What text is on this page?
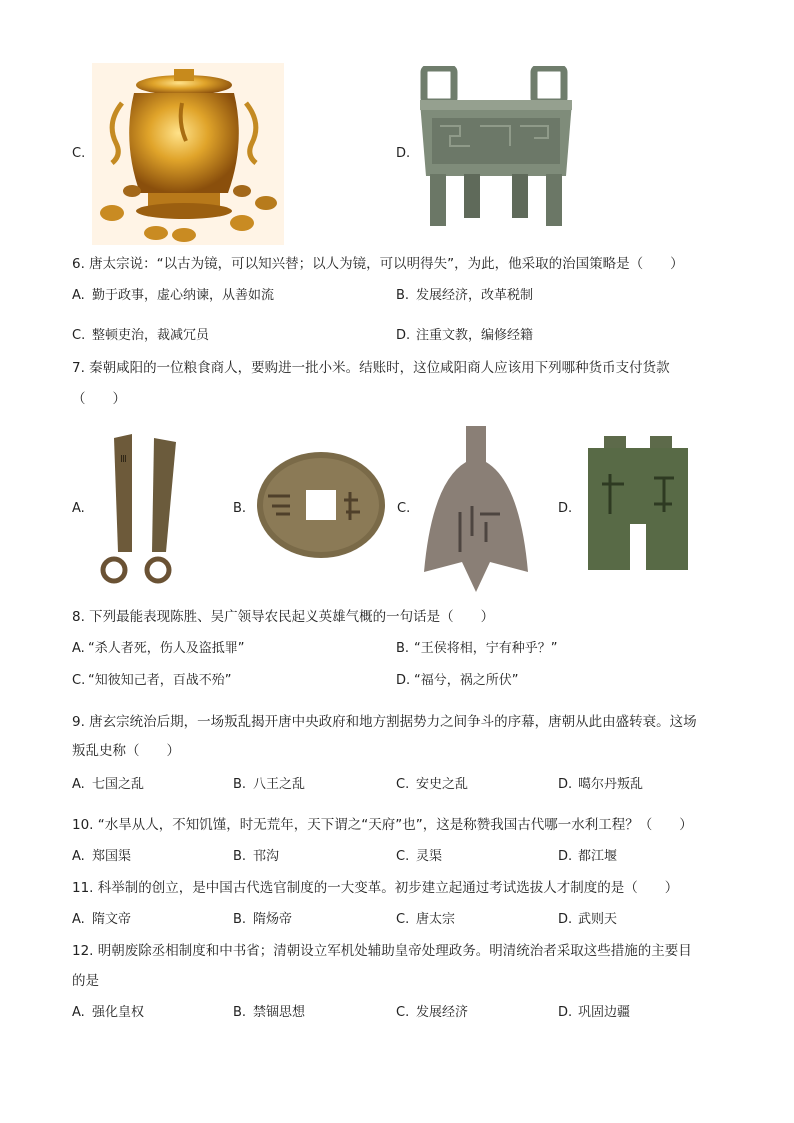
C.	D.
6. 唐太宗说：“以古为镜，可以知兴替；以人为镜，可以明得失”，为此，他采取的治国策略是（　　）
A. 勤于政事，虚心纳谏，从善如流	B. 发展经济，改革税制
C. 整顿吏治，裁减冗员	D. 注重文教，编修经籍
7. 秦朝咸阳的一位粮食商人，要购进一批小米。结账时，这位咸阳商人应该用下列哪种货币支付货款
（　　）
A.
Ⅲ
B.	C.	D.
8. 下列最能表现陈胜、吴广领导农民起义英雄气概的一句话是（　　）
A. “杀人者死，伤人及盗抵罪”	B. “王侯将相，宁有种乎？”
C. “知彼知己者，百战不殆”	D. “福兮，祸之所伏”
9. 唐玄宗统治后期，一场叛乱揭开唐中央政府和地方割据势力之间争斗的序幕，唐朝从此由盛转衰。这场
叛乱史称（　　）
A. 七国之乱	B. 八王之乱	C. 安史之乱	D. 噶尔丹叛乱
10. “水旱从人，不知饥馑，时无荒年，天下谓之“天府”也”，这是称赞我国古代哪一水利工程？（　　）
A. 郑国渠	B. 邗沟	C. 灵渠	D. 都江堰
11. 科举制的创立，是中国古代选官制度的一大变革。初步建立起通过考试选拔人才制度的是（　　）
A. 隋文帝	B. 隋炀帝	C. 唐太宗	D. 武则天
12. 明朝废除丞相制度和中书省；清朝设立军机处辅助皇帝处理政务。明清统治者采取这些措施的主要目
的是
A. 强化皇权	B. 禁锢思想	C. 发展经济	D. 巩固边疆
